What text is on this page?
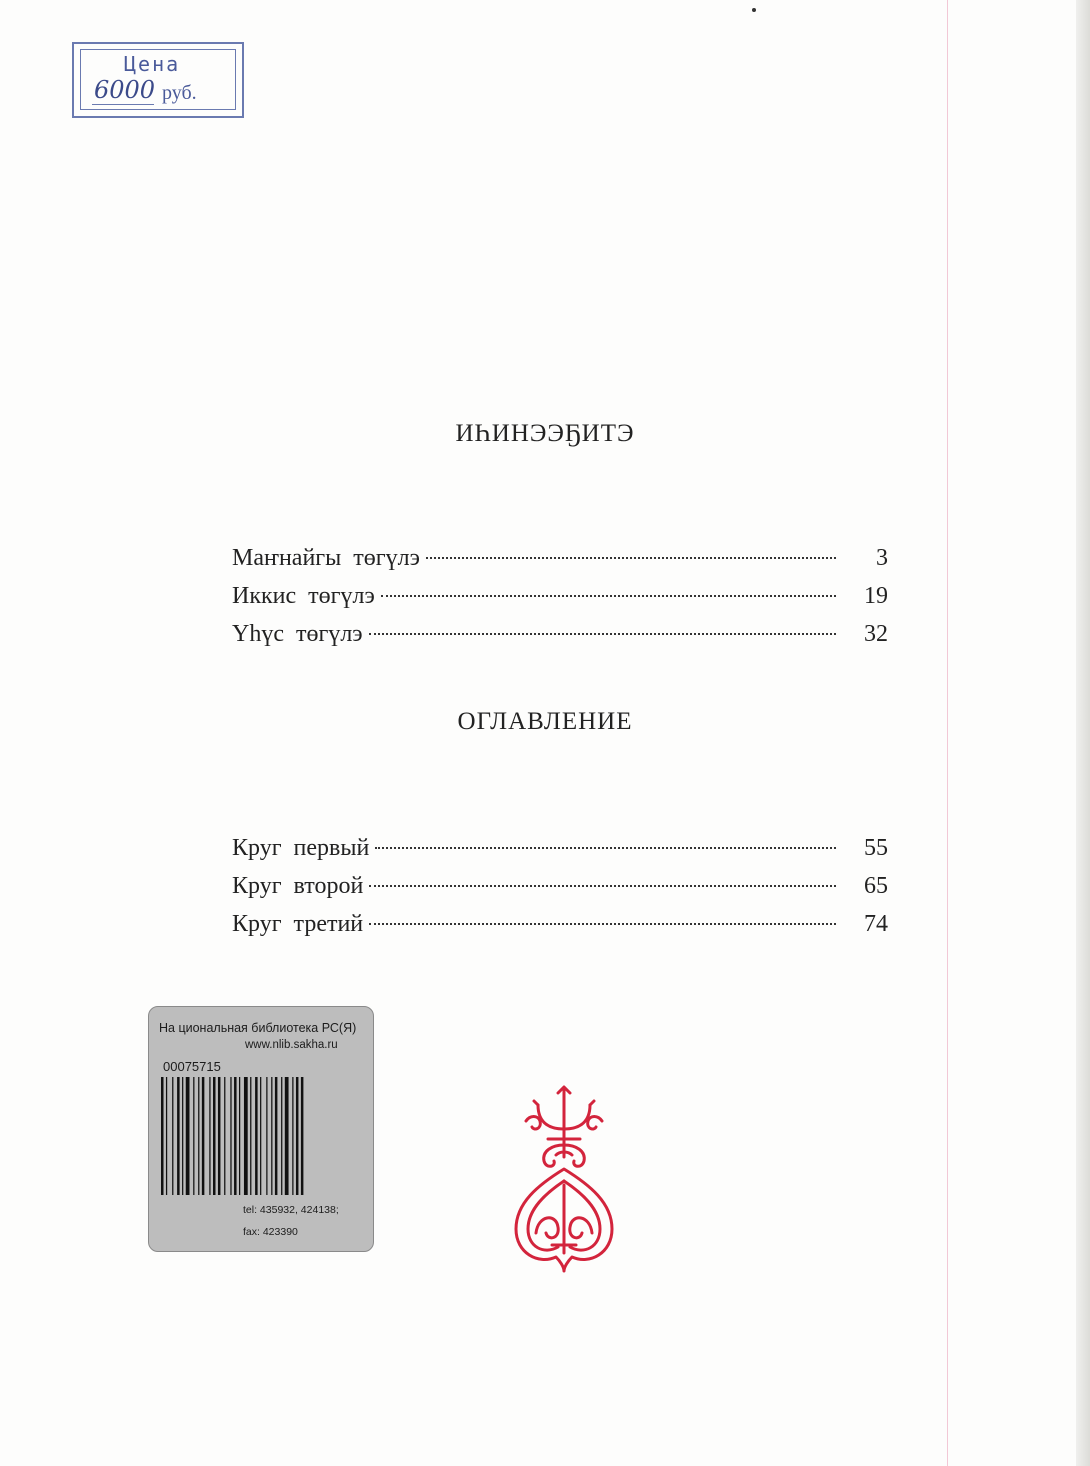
Цена
6000 руб.
ИҺИНЭЭҔИТЭ
Маҥнайгы төгүлэ	3
Иккис төгүлэ	19
Үһүс төгүлэ	32
ОГЛАВЛЕНИЕ
Круг первый	55
Круг второй	65
Круг третий	74
На циональная библиотека РС(Я)
www.nlib.sakha.ru
00075715
tel: 435932, 424138;
fax: 423390
